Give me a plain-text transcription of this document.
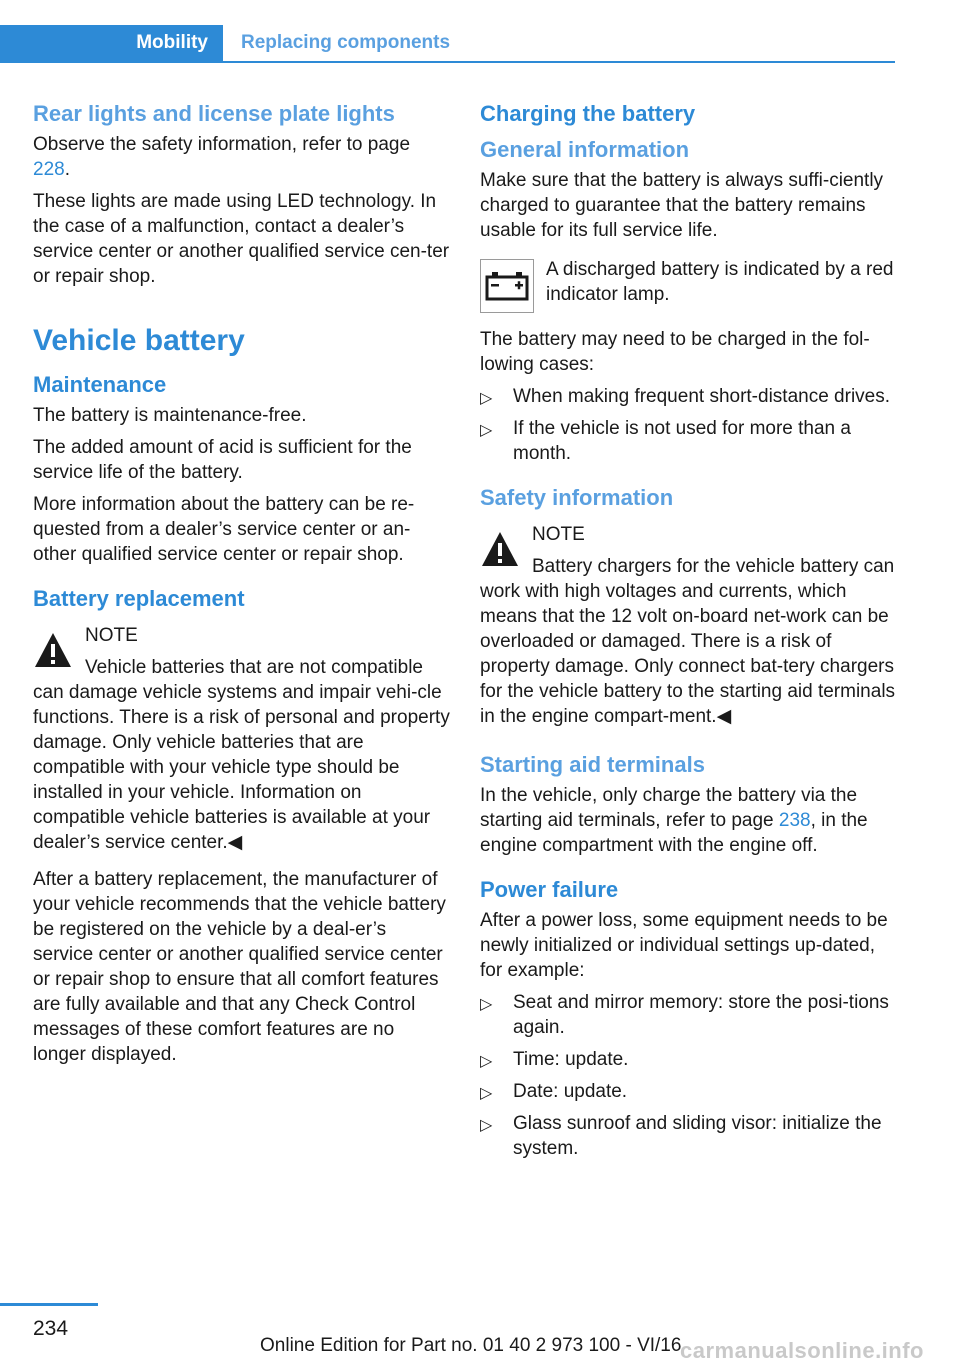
Mobility	Replacing components
Rear lights and license plate lights

Observe the safety information, refer to page 228.

These lights are made using LED technology. In the case of a malfunction, contact a dealer’s service center or another qualified service cen-ter or repair shop.

Vehicle battery
Maintenance

The battery is maintenance-free.

The added amount of acid is sufficient for the service life of the battery.

More information about the battery can be re-quested from a dealer’s service center or an-other qualified service center or repair shop.

Battery replacement
NOTE
Vehicle batteries that are not compatible can damage vehicle systems and impair vehi-cle functions. There is a risk of personal and property damage. Only vehicle batteries that are compatible with your vehicle type should be installed in your vehicle. Information on compatible vehicle batteries is available at your dealer’s service center.◀

After a battery replacement, the manufacturer of your vehicle recommends that the vehicle battery be registered on the vehicle by a deal-er’s service center or another qualified service center or repair shop to ensure that all comfort features are fully available and that any Check Control messages of these comfort features are no longer displayed.

Charging the battery
General information

Make sure that the battery is always suffi-ciently charged to guarantee that the battery remains usable for its full service life.

A discharged battery is indicated by a red indicator lamp.

The battery may need to be charged in the fol-lowing cases:

▷ When making frequent short-distance drives.
▷ If the vehicle is not used for more than a month.
Safety information
NOTE
Battery chargers for the vehicle battery can work with high voltages and currents, which means that the 12 volt on-board net-work can be overloaded or damaged. There is a risk of property damage. Only connect bat-tery chargers for the vehicle battery to the starting aid terminals in the engine compart-ment.◀
Starting aid terminals

In the vehicle, only charge the battery via the starting aid terminals, refer to page 238, in the engine compartment with the engine off.

Power failure

After a power loss, some equipment needs to be newly initialized or individual settings up-dated, for example:

▷ Seat and mirror memory: store the posi-tions again.
▷ Time: update.
▷ Date: update.
▷ Glass sunroof and sliding visor: initialize the system.
234
Online Edition for Part no. 01 40 2 973 100 - VI/16
carmanualsonline.info
